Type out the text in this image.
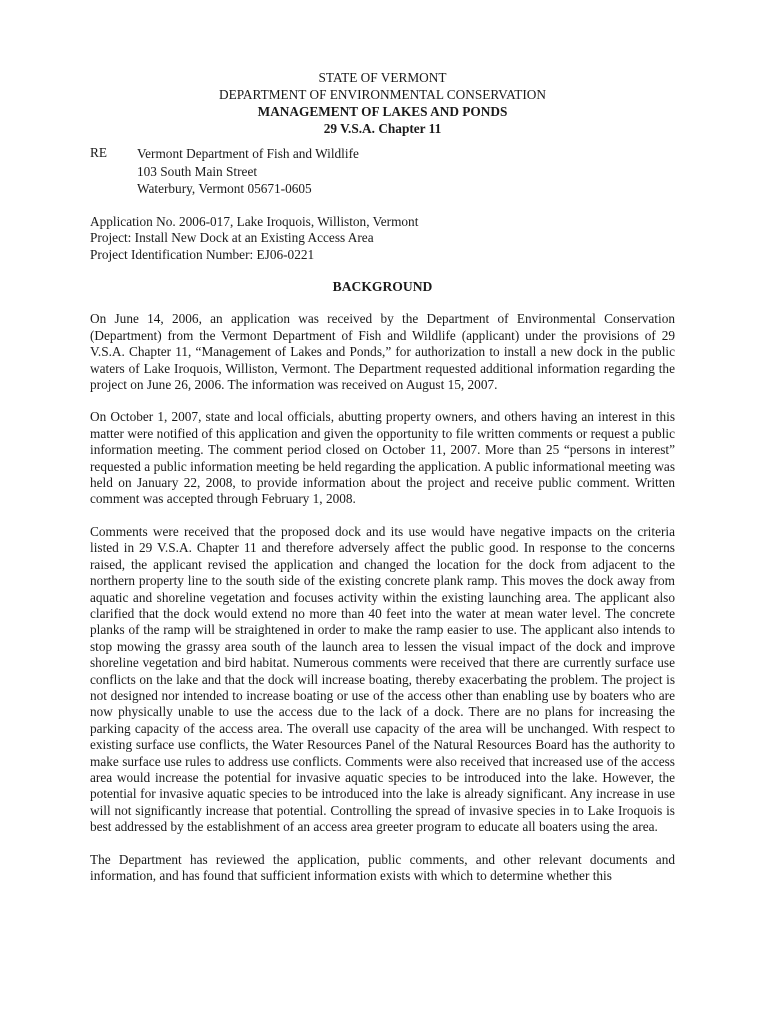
STATE OF VERMONT
DEPARTMENT OF ENVIRONMENTAL CONSERVATION
MANAGEMENT OF LAKES AND PONDS
29 V.S.A. Chapter 11
RE	Vermont Department of Fish and Wildlife
103 South Main Street
Waterbury, Vermont 05671-0605
Application No. 2006-017, Lake Iroquois, Williston, Vermont
Project: Install New Dock at an Existing Access Area
Project Identification Number: EJ06-0221
BACKGROUND

On June 14, 2006, an application was received by the Department of Environmental Conservation (Department) from the Vermont Department of Fish and Wildlife (applicant) under the provisions of 29 V.S.A. Chapter 11, “Management of Lakes and Ponds,” for authorization to install a new dock in the public waters of Lake Iroquois, Williston, Vermont. The Department requested additional information regarding the project on June 26, 2006. The information was received on August 15, 2007.

On October 1, 2007, state and local officials, abutting property owners, and others having an interest in this matter were notified of this application and given the opportunity to file written comments or request a public information meeting. The comment period closed on October 11, 2007. More than 25 “persons in interest” requested a public information meeting be held regarding the application. A public informational meeting was held on January 22, 2008, to provide information about the project and receive public comment. Written comment was accepted through February 1, 2008.

Comments were received that the proposed dock and its use would have negative impacts on the criteria listed in 29 V.S.A. Chapter 11 and therefore adversely affect the public good. In response to the concerns raised, the applicant revised the application and changed the location for the dock from adjacent to the northern property line to the south side of the existing concrete plank ramp. This moves the dock away from aquatic and shoreline vegetation and focuses activity within the existing launching area. The applicant also clarified that the dock would extend no more than 40 feet into the water at mean water level. The concrete planks of the ramp will be straightened in order to make the ramp easier to use. The applicant also intends to stop mowing the grassy area south of the launch area to lessen the visual impact of the dock and improve shoreline vegetation and bird habitat. Numerous comments were received that there are currently surface use conflicts on the lake and that the dock will increase boating, thereby exacerbating the problem. The project is not designed nor intended to increase boating or use of the access other than enabling use by boaters who are now physically unable to use the access due to the lack of a dock. There are no plans for increasing the parking capacity of the access area. The overall use capacity of the area will be unchanged. With respect to existing surface use conflicts, the Water Resources Panel of the Natural Resources Board has the authority to make surface use rules to address use conflicts. Comments were also received that increased use of the access area would increase the potential for invasive aquatic species to be introduced into the lake. However, the potential for invasive aquatic species to be introduced into the lake is already significant. Any increase in use will not significantly increase that potential. Controlling the spread of invasive species in to Lake Iroquois is best addressed by the establishment of an access area greeter program to educate all boaters using the area.

The Department has reviewed the application, public comments, and other relevant documents and information, and has found that sufficient information exists with which to determine whether this
